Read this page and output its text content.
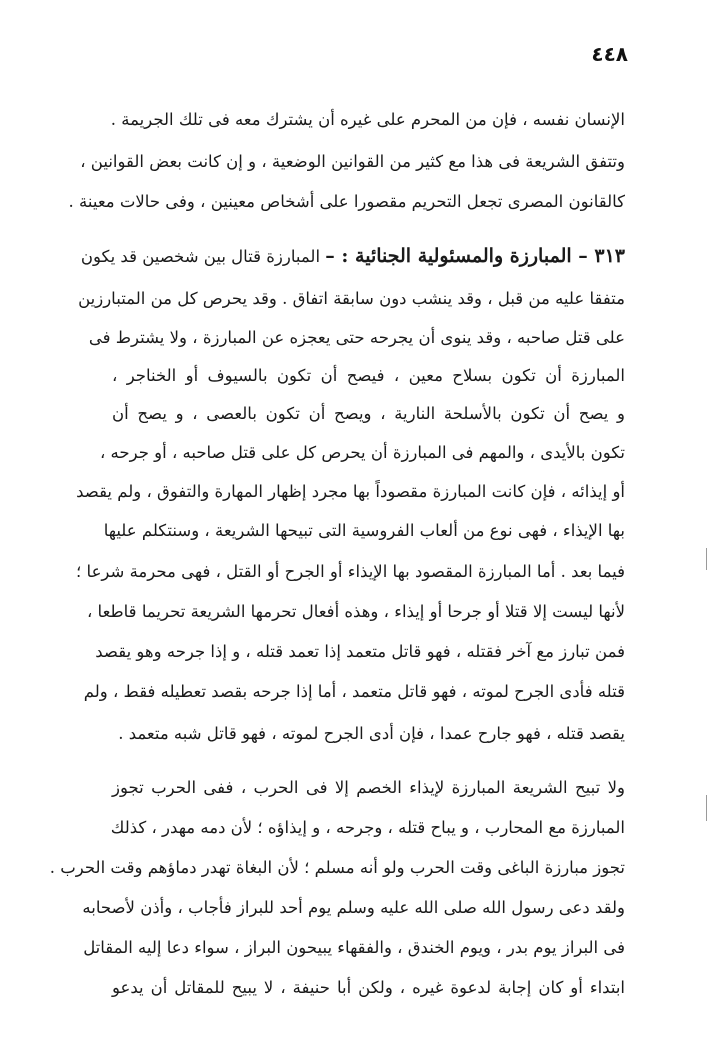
٤٤٨
الإنسان نفسه ، فإن من المحرم على غيره أن يشترك معه فى تلك الجريمة .
وتتفق الشريعة فى هذا مع كثير من القوانين الوضعية ، و إن كانت بعض القوانين ،
كالقانون المصرى تجعل التحريم مقصورا على أشخاص معينين ، وفى حالات معينة .
٣١٣ – المبارزة والمسئولية الجنائية : – المبارزة قتال بين شخصين قد يكون
متفقا عليه من قبل ، وقد ينشب دون سابقة اتفاق . وقد يحرص كل من المتبارزين
على قتل صاحبه ، وقد ينوى أن يجرحه حتى يعجزه عن المبارزة ، ولا يشترط فى
المبارزة أن تكون بسلاح معين ، فيصح أن تكون بالسيوف أو الخناجر ،
و يصح أن تكون بالأسلحة النارية ، ويصح أن تكون بالعصى ، و يصح أن
تكون بالأيدى ، والمهم فى المبارزة أن يحرص كل على قتل صاحبه ، أو جرحه ،
أو إيذائه ، فإن كانت المبارزة مقصوداً بها مجرد إظهار المهارة والتفوق ، ولم يقصد
بها الإيذاء ، فهى نوع من ألعاب الفروسية التى تبيحها الشريعة ، وسنتكلم عليها
فيما بعد . أما المبارزة المقصود بها الإيذاء أو الجرح أو القتل ، فهى محرمة شرعا ؛
لأنها ليست إلا قتلا أو جرحا أو إيذاء ، وهذه أفعال تحرمها الشريعة تحريما قاطعا ،
فمن تبارز مع آخر فقتله ، فهو قاتل متعمد إذا تعمد قتله ، و إذا جرحه وهو يقصد
قتله فأدى الجرح لموته ، فهو قاتل متعمد ، أما إذا جرحه بقصد تعطيله فقط ، ولم
يقصد قتله ، فهو جارح عمدا ، فإن أدى الجرح لموته ، فهو قاتل شبه متعمد .
ولا تبيح الشريعة المبارزة لإيذاء الخصم إلا فى الحرب ، ففى الحرب تجوز
المبارزة مع المحارب ، و يباح قتله ، وجرحه ، و إيذاؤه ؛ لأن دمه مهدر ، كذلك
تجوز مبارزة الباغى وقت الحرب ولو أنه مسلم ؛ لأن البغاة تهدر دماؤهم وقت الحرب .
ولقد دعى رسول الله صلى الله عليه وسلم يوم أحد للبراز فأجاب ، وأذن لأصحابه
فى البراز يوم بدر ، ويوم الخندق ، والفقهاء يبيحون البراز ، سواء دعا إليه المقاتل
ابتداء أو كان إجابة لدعوة غيره ، ولكن أبا حنيفة ، لا يبيح للمقاتل أن يدعو
